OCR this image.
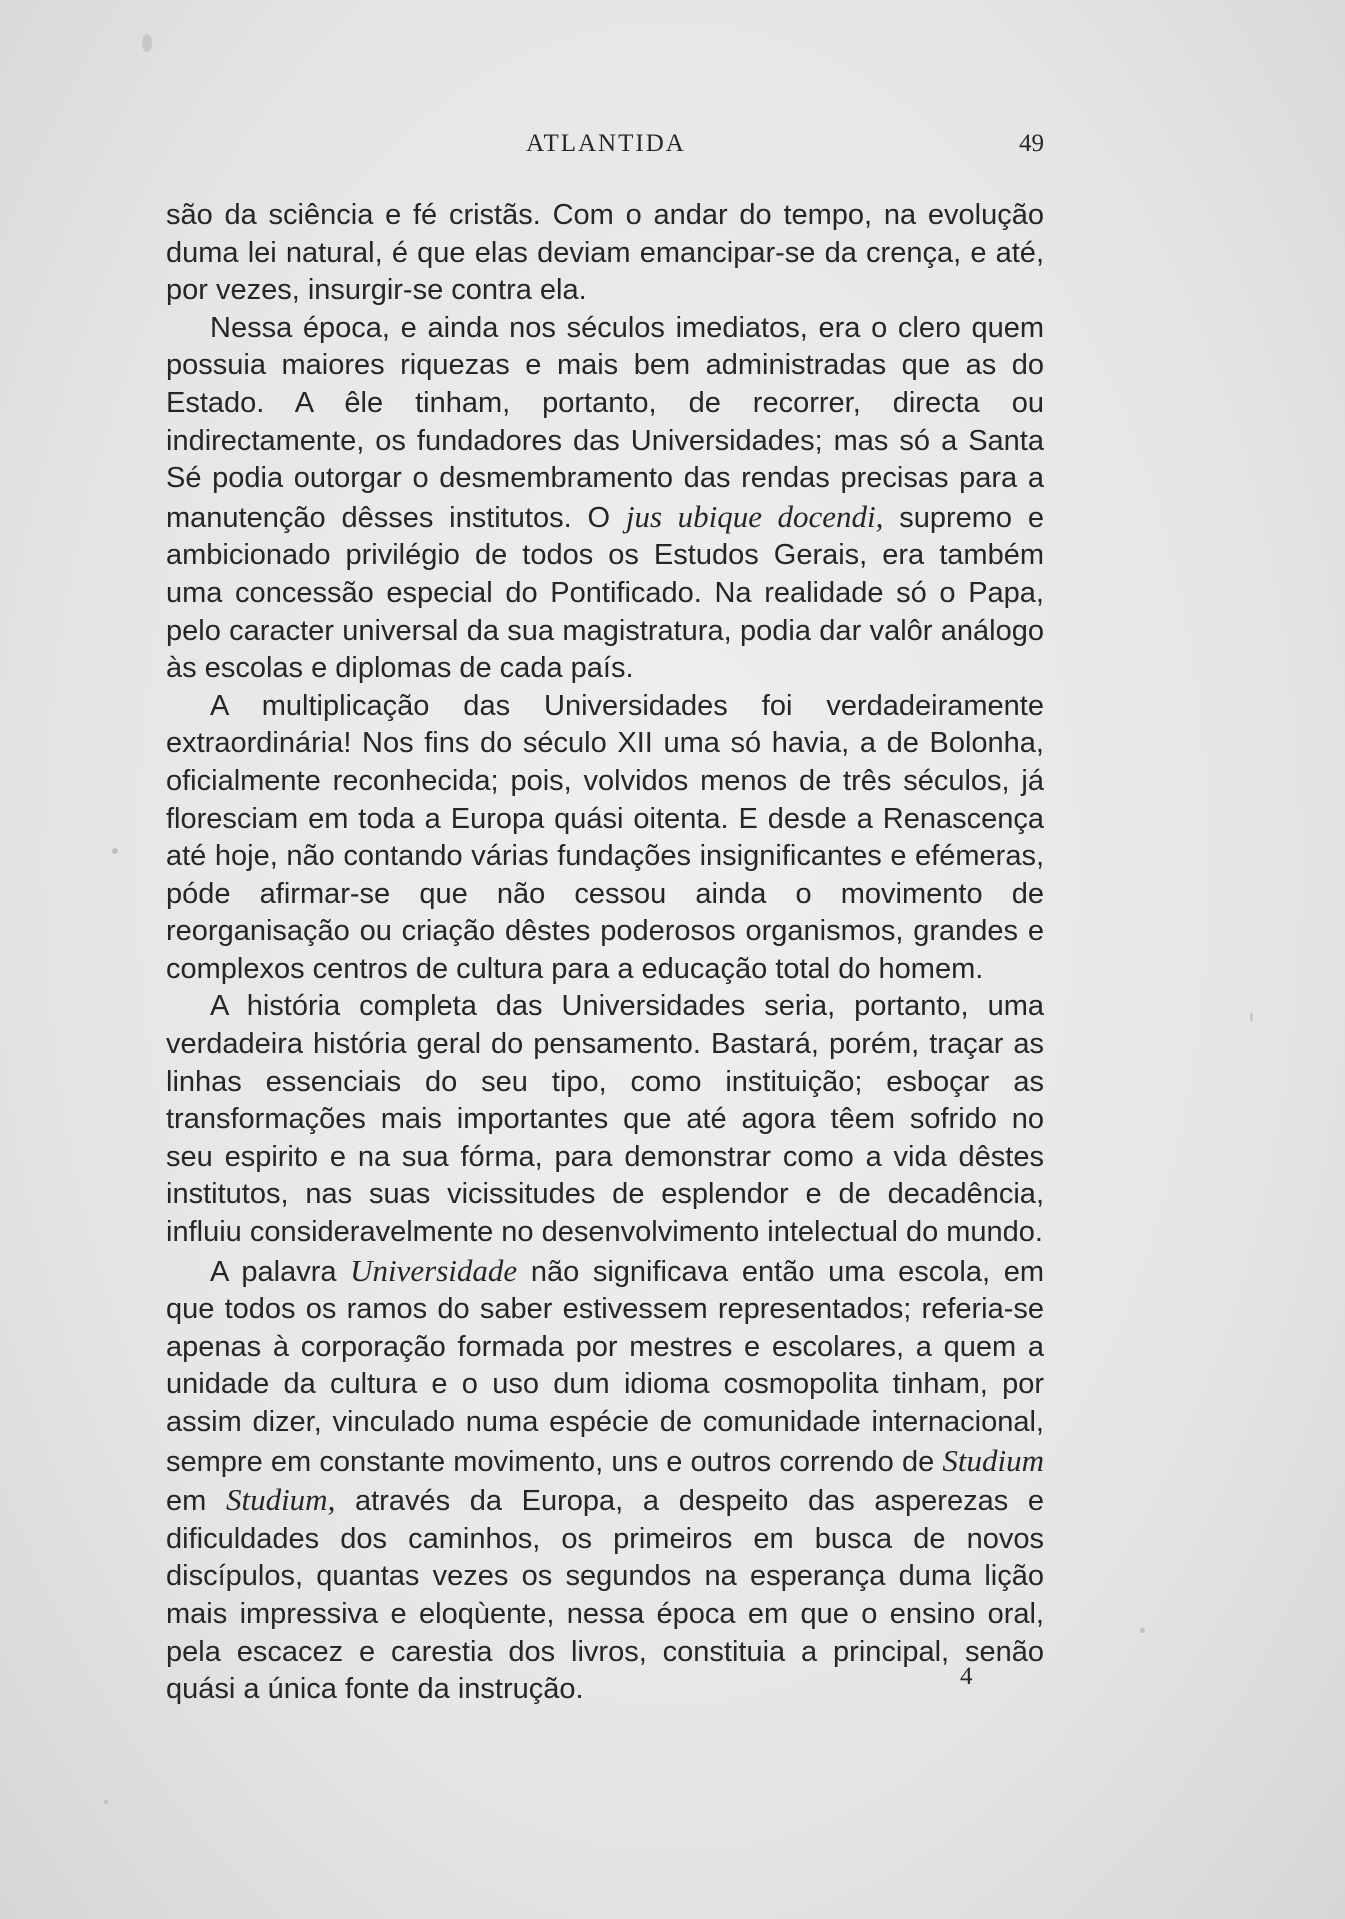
ATLANTIDA	49

são da sciência e fé cristãs. Com o andar do tempo, na evolução duma lei natural, é que elas deviam emancipar-se da crença, e até, por vezes, insurgir-se contra ela.

Nessa época, e ainda nos séculos imediatos, era o clero quem possuia maiores riquezas e mais bem administradas que as do Estado. A êle tinham, portanto, de recorrer, directa ou indirectamente, os fundadores das Universidades; mas só a Santa Sé podia outorgar o desmembramento das rendas precisas para a manutenção dêsses institutos. O jus ubique docendi, supremo e ambicionado privilégio de todos os Estudos Gerais, era também uma concessão especial do Pontificado. Na realidade só o Papa, pelo caracter universal da sua magistratura, podia dar valôr análogo às escolas e diplomas de cada país.

A multiplicação das Universidades foi verdadeiramente extraordinária! Nos fins do século XII uma só havia, a de Bolonha, oficialmente reconhecida; pois, volvidos menos de três séculos, já floresciam em toda a Europa quási oitenta. E desde a Renascença até hoje, não contando várias fundações insignificantes e efémeras, póde afirmar-se que não cessou ainda o movimento de reorganisação ou criação dêstes poderosos organismos, grandes e complexos centros de cultura para a educação total do homem.

A história completa das Universidades seria, portanto, uma verdadeira história geral do pensamento. Bastará, porém, traçar as linhas essenciais do seu tipo, como instituição; esboçar as transformações mais importantes que até agora têem sofrido no seu espirito e na sua fórma, para demonstrar como a vida dêstes institutos, nas suas vicissitudes de esplendor e de decadência, influiu consideravelmente no desenvolvimento intelectual do mundo.

A palavra Universidade não significava então uma escola, em que todos os ramos do saber estivessem representados; referia-se apenas à corporação formada por mestres e escolares, a quem a unidade da cultura e o uso dum idioma cosmopolita tinham, por assim dizer, vinculado numa espécie de comunidade internacional, sempre em constante movimento, uns e outros correndo de Studium em Studium, através da Europa, a despeito das asperezas e dificuldades dos caminhos, os primeiros em busca de novos discípulos, quantas vezes os segundos na esperança duma lição mais impressiva e eloqùente, nessa época em que o ensino oral, pela escacez e carestia dos livros, constituia a principal, senão quási a única fonte da instrução.	4
